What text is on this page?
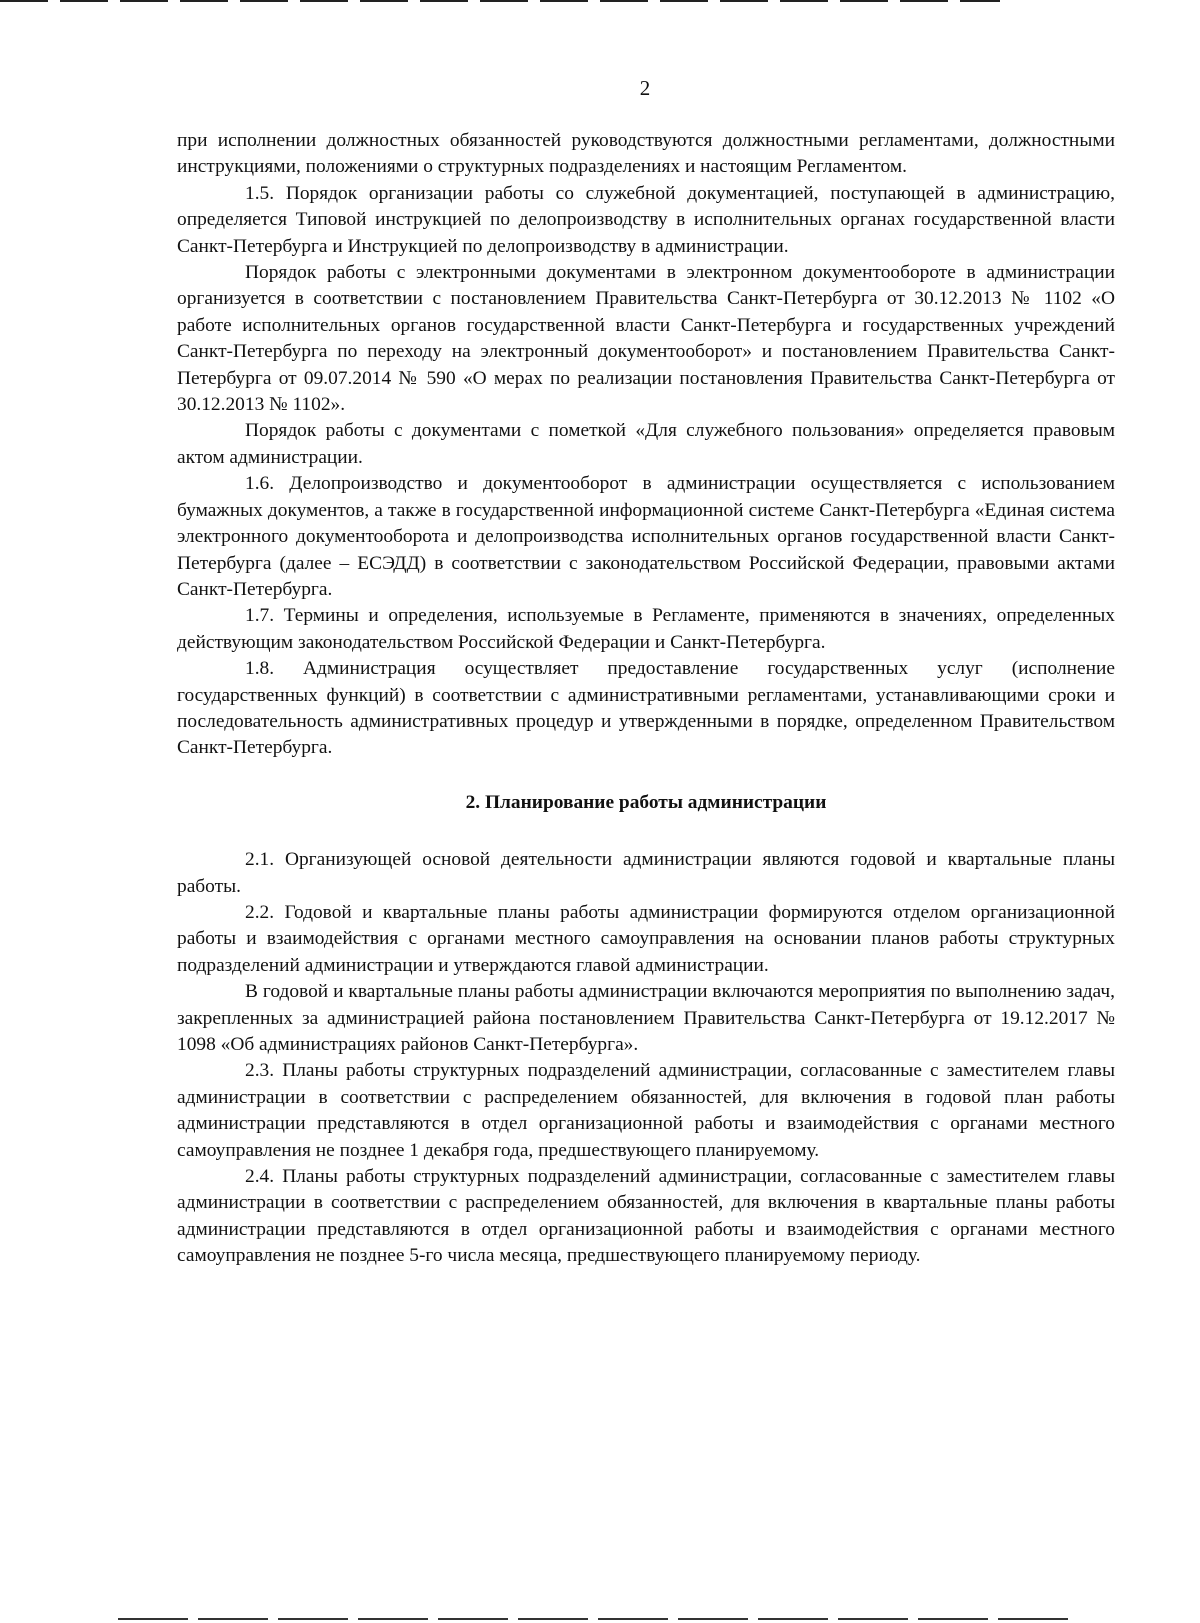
2

при исполнении должностных обязанностей руководствуются должностными регламентами, должностными инструкциями, положениями о структурных подразделениях и настоящим Регламентом.

1.5. Порядок организации работы со служебной документацией, поступающей в администрацию, определяется Типовой инструкцией по делопроизводству в исполнительных органах государственной власти Санкт-Петербурга и Инструкцией по делопроизводству в администрации.

Порядок работы с электронными документами в электронном документообороте в администрации организуется в соответствии с постановлением Правительства Санкт-Петербурга от 30.12.2013 № 1102 «О работе исполнительных органов государственной власти Санкт-Петербурга и государственных учреждений Санкт-Петербурга по переходу на электронный документооборот» и постановлением Правительства Санкт-Петербурга от 09.07.2014 № 590 «О мерах по реализации постановления Правительства Санкт-Петербурга от 30.12.2013 № 1102».

Порядок работы с документами с пометкой «Для служебного пользования» определяется правовым актом администрации.

1.6. Делопроизводство и документооборот в администрации осуществляется с использованием бумажных документов, а также в государственной информационной системе Санкт-Петербурга «Единая система электронного документооборота и делопроизводства исполнительных органов государственной власти Санкт-Петербурга (далее – ЕСЭДД) в соответствии с законодательством Российской Федерации, правовыми актами Санкт-Петербурга.

1.7. Термины и определения, используемые в Регламенте, применяются в значениях, определенных действующим законодательством Российской Федерации и Санкт-Петербурга.

1.8. Администрация осуществляет предоставление государственных услуг (исполнение государственных функций) в соответствии с административными регламентами, устанавливающими сроки и последовательность административных процедур и утвержденными в порядке, определенном Правительством Санкт-Петербурга.

2. Планирование работы администрации

2.1. Организующей основой деятельности администрации являются годовой и квартальные планы работы.

2.2. Годовой и квартальные планы работы администрации формируются отделом организационной работы и взаимодействия с органами местного самоуправления на основании планов работы структурных подразделений администрации и утверждаются главой администрации.

В годовой и квартальные планы работы администрации включаются мероприятия по выполнению задач, закрепленных за администрацией района постановлением Правительства Санкт-Петербурга от 19.12.2017 № 1098 «Об администрациях районов Санкт-Петербурга».

2.3. Планы работы структурных подразделений администрации, согласованные с заместителем главы администрации в соответствии с распределением обязанностей, для включения в годовой план работы администрации представляются в отдел организационной работы и взаимодействия с органами местного самоуправления не позднее 1 декабря года, предшествующего планируемому.

2.4. Планы работы структурных подразделений администрации, согласованные с заместителем главы администрации в соответствии с распределением обязанностей, для включения в квартальные планы работы администрации представляются в отдел организационной работы и взаимодействия с органами местного самоуправления не позднее 5-го числа месяца, предшествующего планируемому периоду.
